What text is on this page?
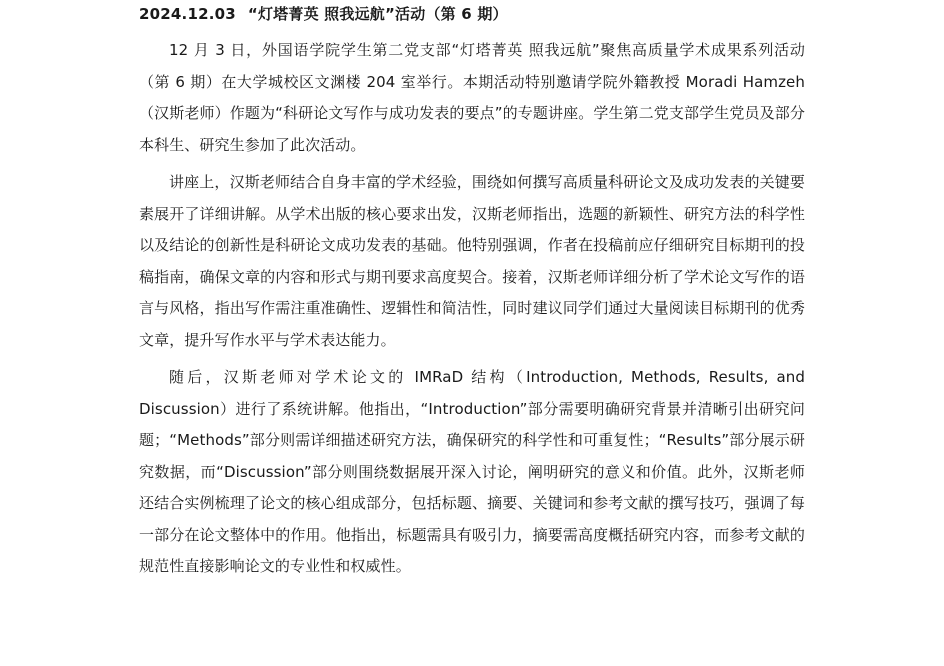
2024.12.03 “灯塔菁英 照我远航”活动（第 6 期）

12 月 3 日，外国语学院学生第二党支部“灯塔菁英 照我远航”聚焦高质量学术成果系列活动（第 6 期）在大学城校区文渊楼 204 室举行。本期活动特别邀请学院外籍教授 Moradi Hamzeh（汉斯老师）作题为“科研论文写作与成功发表的要点”的专题讲座。学生第二党支部学生党员及部分本科生、研究生参加了此次活动。

讲座上，汉斯老师结合自身丰富的学术经验，围绕如何撰写高质量科研论文及成功发表的关键要素展开了详细讲解。从学术出版的核心要求出发，汉斯老师指出，选题的新颖性、研究方法的科学性以及结论的创新性是科研论文成功发表的基础。他特别强调，作者在投稿前应仔细研究目标期刊的投稿指南，确保文章的内容和形式与期刊要求高度契合。接着，汉斯老师详细分析了学术论文写作的语言与风格，指出写作需注重准确性、逻辑性和简洁性，同时建议同学们通过大量阅读目标期刊的优秀文章，提升写作水平与学术表达能力。

随后，汉斯老师对学术论文的 IMRaD 结构（Introduction, Methods, Results, and Discussion）进行了系统讲解。他指出，“Introduction”部分需要明确研究背景并清晰引出研究问题；“Methods”部分则需详细描述研究方法，确保研究的科学性和可重复性；“Results”部分展示研究数据，而“Discussion”部分则围绕数据展开深入讨论，阐明研究的意义和价值。此外，汉斯老师还结合实例梳理了论文的核心组成部分，包括标题、摘要、关键词和参考文献的撰写技巧，强调了每一部分在论文整体中的作用。他指出，标题需具有吸引力，摘要需高度概括研究内容，而参考文献的规范性直接影响论文的专业性和权威性。
